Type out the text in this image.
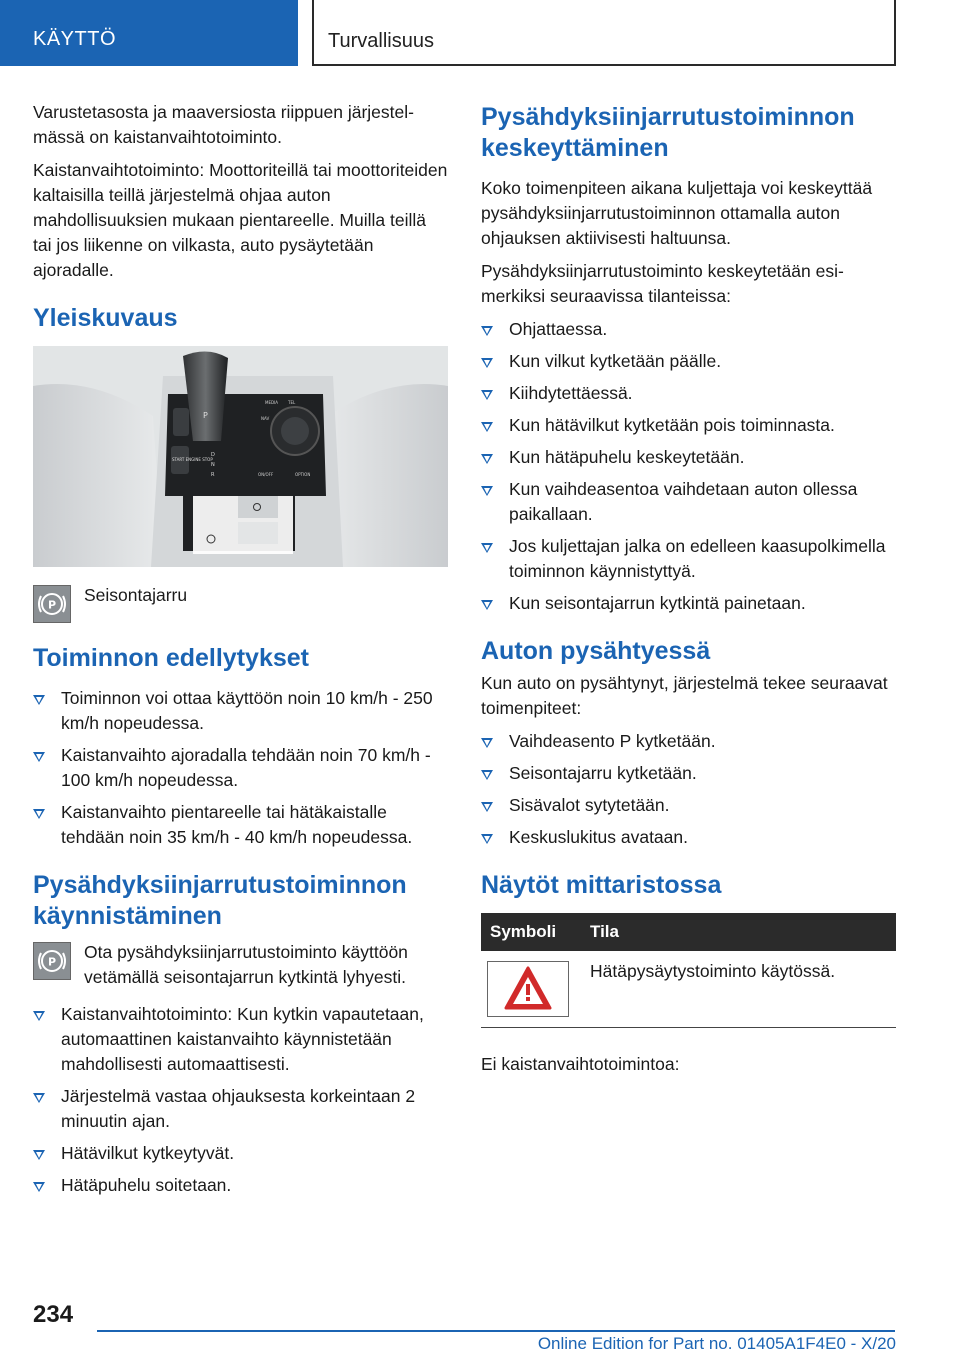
KÄYTTÖ	Turvallisuus

Varustetasosta ja maaversiosta riippuen järjestelmässä on kaistanvaihtotoiminto.

Kaistanvaihtotoiminto: Moottoriteillä tai moottoriteiden kaltaisilla teillä järjestelmä ohjaa auton mahdollisuuksien mukaan pientareelle. Muilla teillä tai jos liikenne on vilkasta, auto pysäytetään ajoradalle.

Yleiskuvaus
P
START ENGINE STOP
D
N
R
MEDIA
NAV
TEL
ON/OFF	OPTION
P Seisontajarru
Toiminnon edellytykset
Toiminnon voi ottaa käyttöön noin 10 km/h - 250 km/h nopeudessa.
Kaistanvaihto ajoradalla tehdään noin 70 km/h - 100 km/h nopeudessa.
Kaistanvaihto pientareelle tai hätäkaistalle tehdään noin 35 km/h - 40 km/h nopeudessa.
Pysähdyksiinjarrutustoiminnon käynnistäminen
P Ota pysähdyksiinjarrutustoiminto käyttöön vetämällä seisontajarrun kytkintä lyhyesti.
Kaistanvaihtotoiminto: Kun kytkin vapautetaan, automaattinen kaistanvaihto käynnistetään mahdollisesti automaattisesti.
Järjestelmä vastaa ohjauksesta korkeintaan 2 minuutin ajan.
Hätävilkut kytkeytyvät.
Hätäpuhelu soitetaan.
Pysähdyksiinjarrutustoiminnon keskeyttäminen

Koko toimenpiteen aikana kuljettaja voi keskeyttää pysähdyksiinjarrutustoiminnon ottamalla auton ohjauksen aktiivisesti haltuunsa.

Pysähdyksiinjarrutustoiminto keskeytetään esimerkiksi seuraavissa tilanteissa:

Ohjattaessa.
Kun vilkut kytketään päälle.
Kiihdytettäessä.
Kun hätävilkut kytketään pois toiminnasta.
Kun hätäpuhelu keskeytetään.
Kun vaihdeasentoa vaihdetaan auton ollessa paikallaan.
Jos kuljettajan jalka on edelleen kaasupolkimella toiminnon käynnistyttyä.
Kun seisontajarrun kytkintä painetaan.
Auton pysähtyessä

Kun auto on pysähtynyt, järjestelmä tekee seuraavat toimenpiteet:

Vaihdeasento P kytketään.
Seisontajarru kytketään.
Sisävalot sytytetään.
Keskuslukitus avataan.
Näytöt mittaristossa
Symboli	Tila

	Hätäpysäytystoiminto käytössä.

Ei kaistanvaihtotoimintoa:

234
Online Edition for Part no. 01405A1F4E0 - X/20
